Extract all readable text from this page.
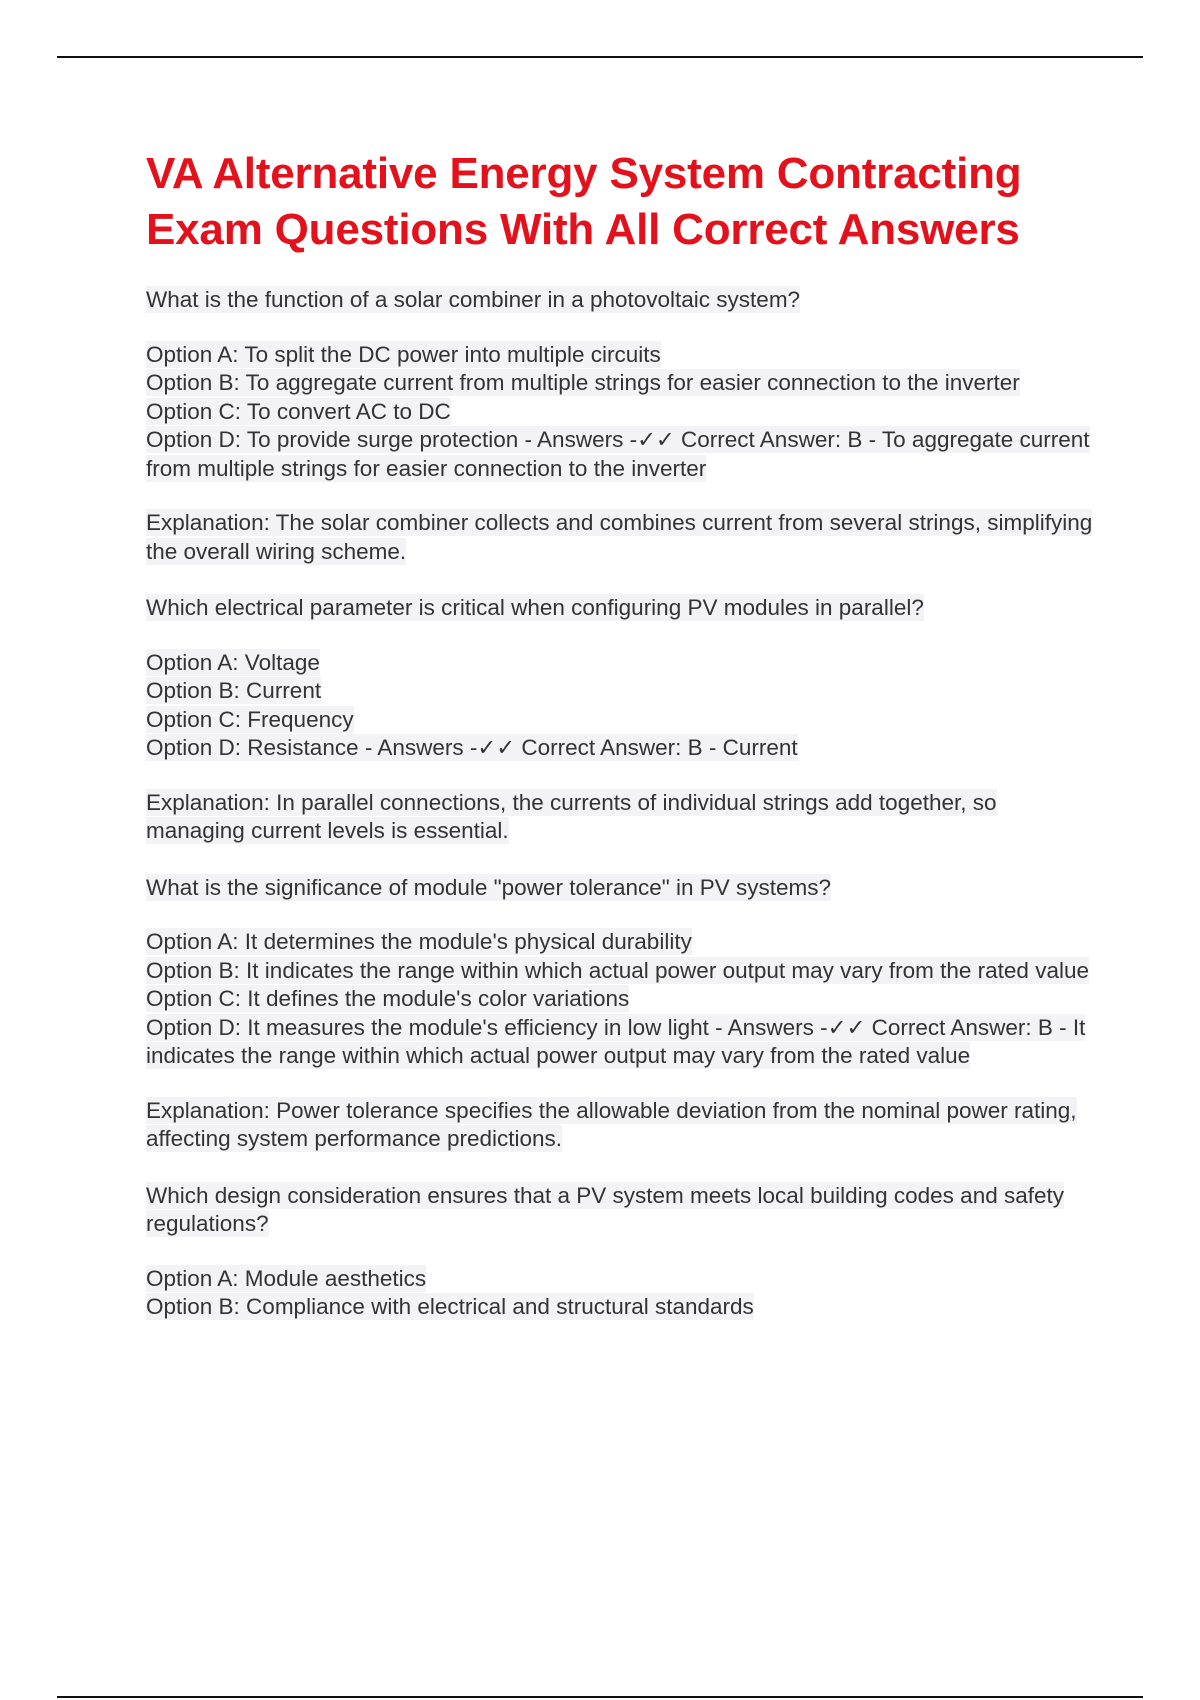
VA Alternative Energy System Contracting Exam Questions With All Correct Answers

What is the function of a solar combiner in a photovoltaic system?

Option A: To split the DC power into multiple circuits
Option B: To aggregate current from multiple strings for easier connection to the inverter
Option C: To convert AC to DC
Option D: To provide surge protection - Answers -✓✓ Correct Answer: B - To aggregate current from multiple strings for easier connection to the inverter

Explanation: The solar combiner collects and combines current from several strings, simplifying the overall wiring scheme.

Which electrical parameter is critical when configuring PV modules in parallel?

Option A: Voltage
Option B: Current
Option C: Frequency
Option D: Resistance - Answers -✓✓ Correct Answer: B - Current

Explanation: In parallel connections, the currents of individual strings add together, so managing current levels is essential.

What is the significance of module "power tolerance" in PV systems?

Option A: It determines the module's physical durability
Option B: It indicates the range within which actual power output may vary from the rated value
Option C: It defines the module's color variations
Option D: It measures the module's efficiency in low light - Answers -✓✓ Correct Answer: B - It indicates the range within which actual power output may vary from the rated value

Explanation: Power tolerance specifies the allowable deviation from the nominal power rating, affecting system performance predictions.

Which design consideration ensures that a PV system meets local building codes and safety regulations?

Option A: Module aesthetics
Option B: Compliance with electrical and structural standards
